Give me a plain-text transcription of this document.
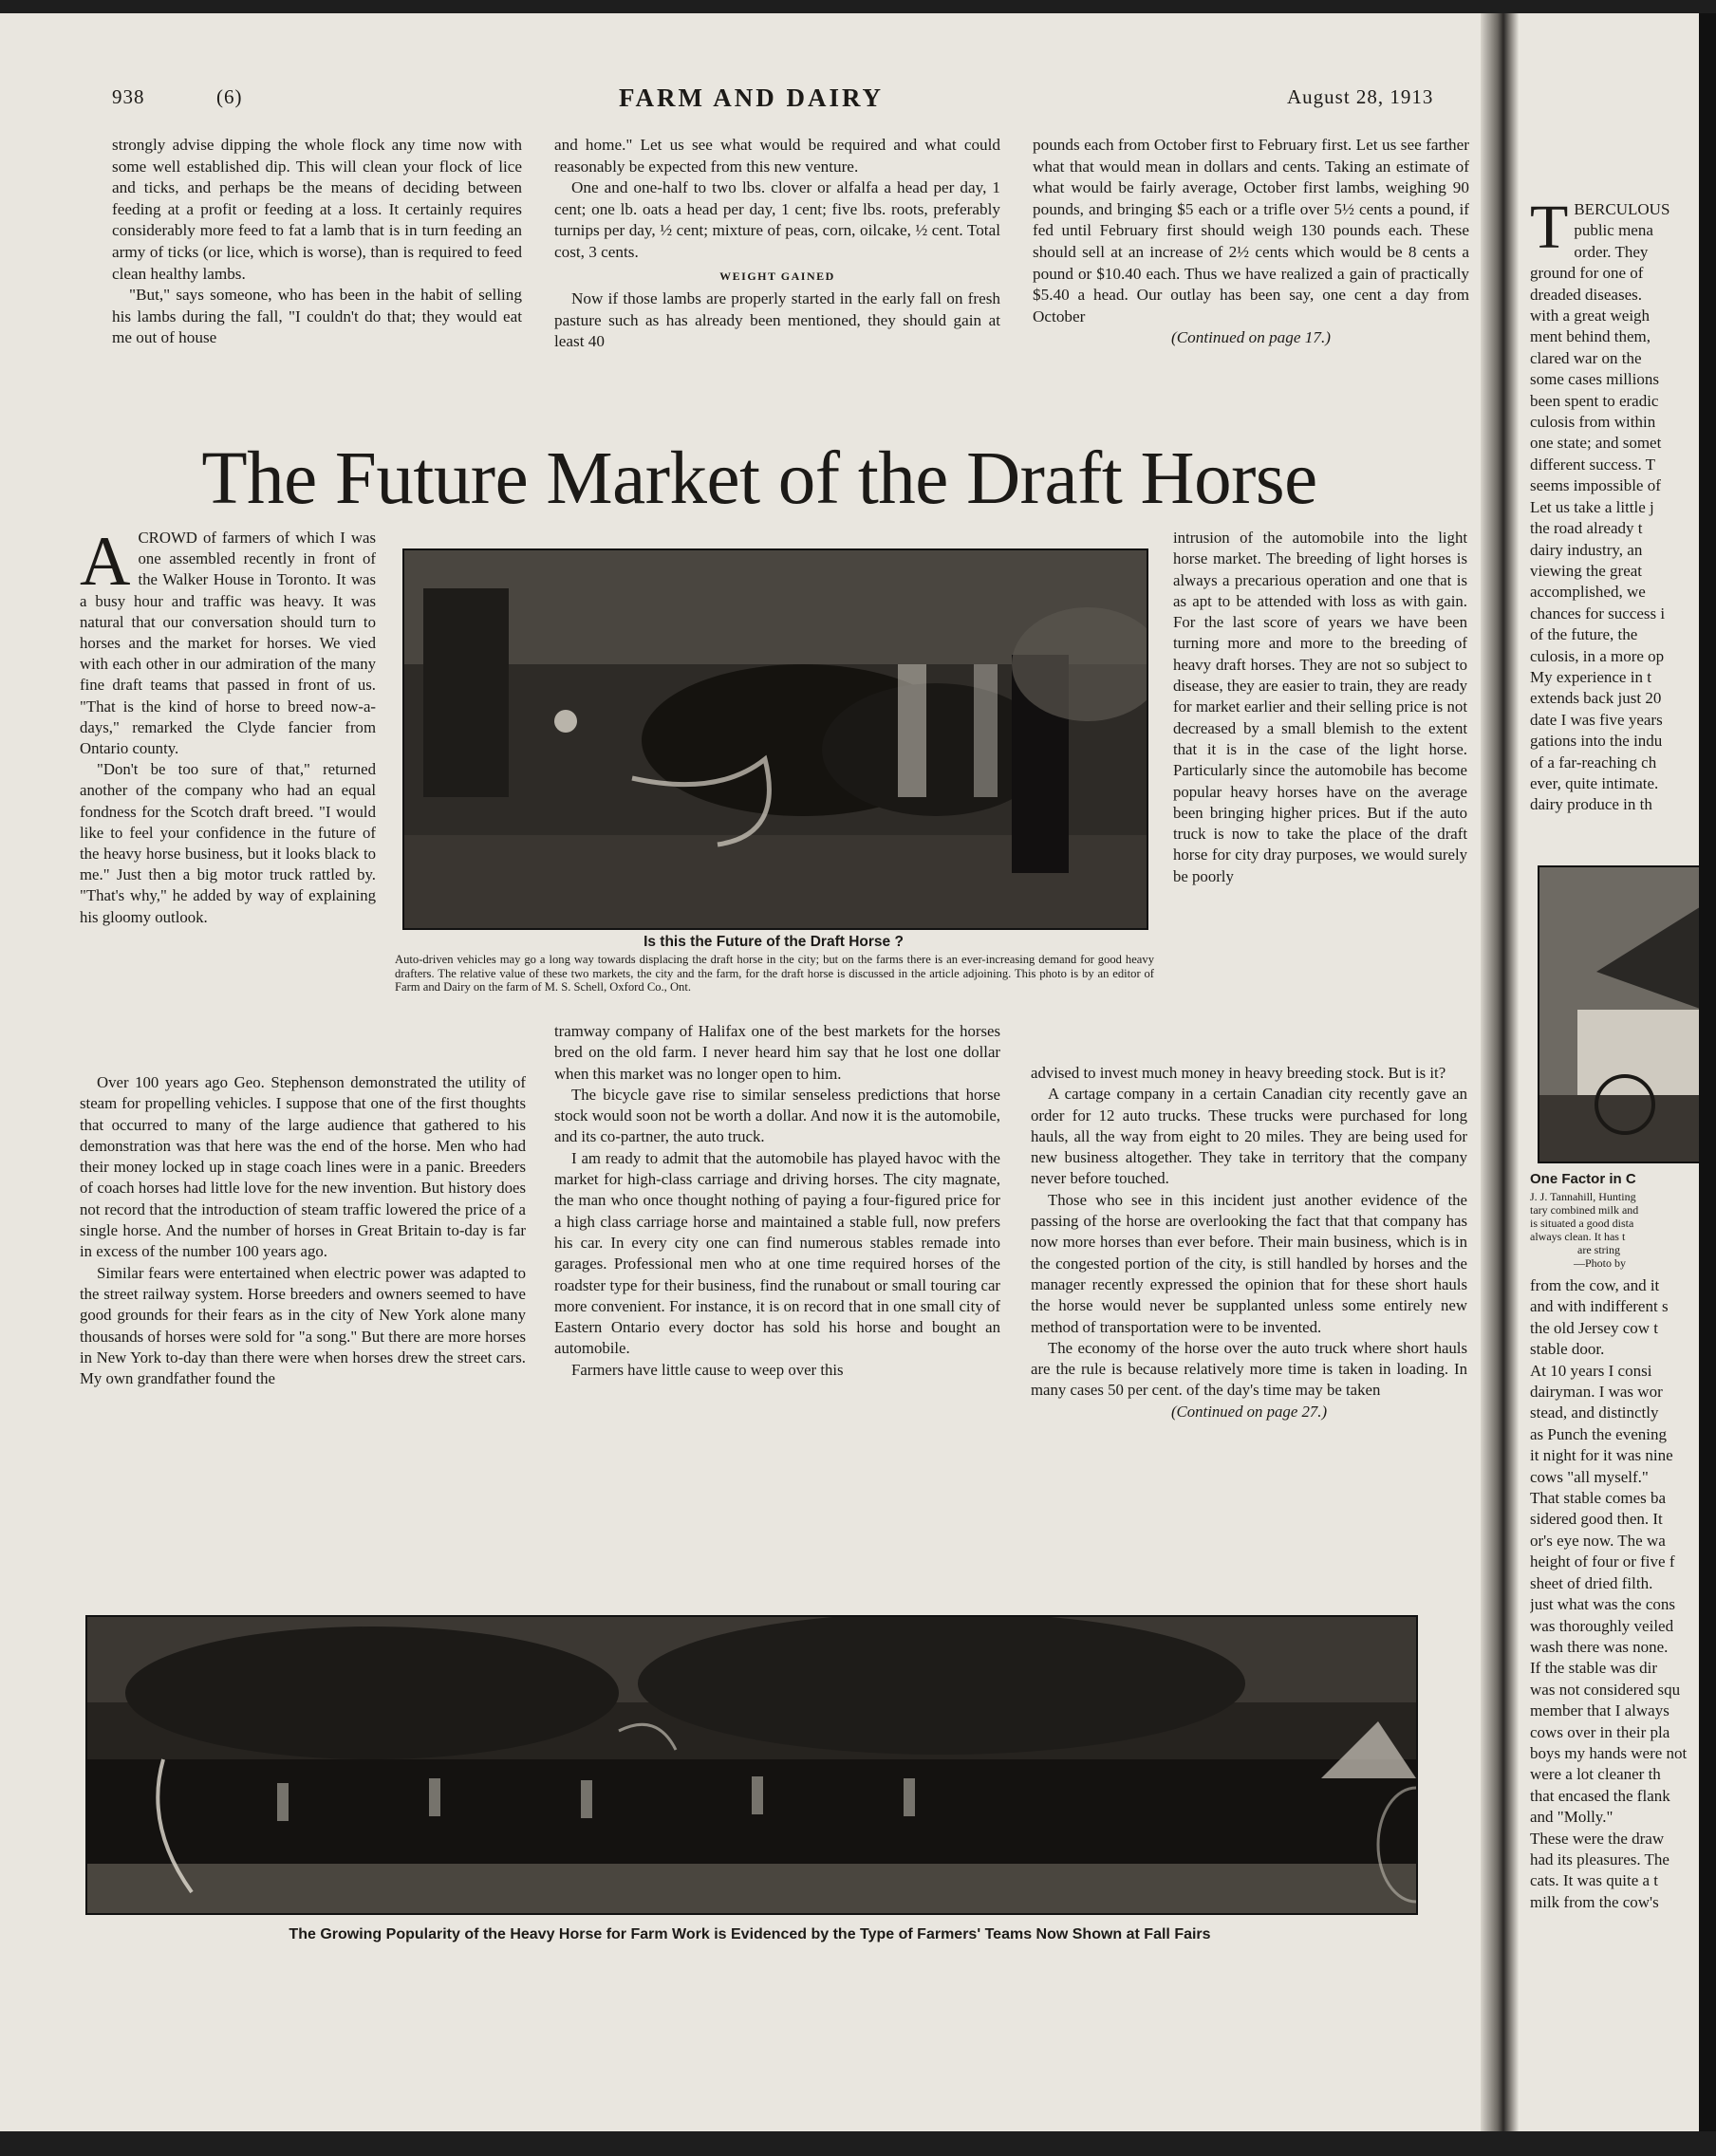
938	(6)	FARM AND DAIRY	August 28, 1913

strongly advise dipping the whole flock any time now with some well established dip. This will clean your flock of lice and ticks, and perhaps be the means of deciding between feeding at a profit or feeding at a loss. It certainly requires considerably more feed to fat a lamb that is in turn feeding an army of ticks (or lice, which is worse), than is required to feed clean healthy lambs.

"But," says someone, who has been in the habit of selling his lambs during the fall, "I couldn't do that; they would eat me out of house

and home." Let us see what would be required and what could reasonably be expected from this new venture.

One and one-half to two lbs. clover or alfalfa a head per day, 1 cent; one lb. oats a head per day, 1 cent; five lbs. roots, preferably turnips per day, ½ cent; mixture of peas, corn, oilcake, ½ cent. Total cost, 3 cents.

WEIGHT GAINED

Now if those lambs are properly started in the early fall on fresh pasture such as has already been mentioned, they should gain at least 40

pounds each from October first to February first. Let us see farther what that would mean in dollars and cents. Taking an estimate of what would be fairly average, October first lambs, weighing 90 pounds, and bringing $5 each or a trifle over 5½ cents a pound, if fed until February first should weigh 130 pounds each. These should sell at an increase of 2½ cents which would be 8 cents a pound or $10.40 each. Thus we have realized a gain of practically $5.40 a head. Our outlay has been say, one cent a day from October

(Continued on page 17.)
The Future Market of the Draft Horse

ACROWD of farmers of which I was one assembled recently in front of the Walker House in Toronto. It was a busy hour and traffic was heavy. It was natural that our conversation should turn to horses and the market for horses. We vied with each other in our admiration of the many fine draft teams that passed in front of us. "That is the kind of horse to breed now-a-days," remarked the Clyde fancier from Ontario county.

"Don't be too sure of that," returned another of the company who had an equal fondness for the Scotch draft breed. "I would like to feel your confidence in the future of the heavy horse business, but it looks black to me." Just then a big motor truck rattled by. "That's why," he added by way of explaining his gloomy outlook.

Is this the Future of the Draft Horse ?
Auto-driven vehicles may go a long way towards displacing the draft horse in the city; but on the farms there is an ever-increasing demand for good heavy drafters. The relative value of these two markets, the city and the farm, for the draft horse is discussed in the article adjoining. This photo is by an editor of Farm and Dairy on the farm of M. S. Schell, Oxford Co., Ont.

Over 100 years ago Geo. Stephenson demonstrated the utility of steam for propelling vehicles. I suppose that one of the first thoughts that occurred to many of the large audience that gathered to his demonstration was that here was the end of the horse. Men who had their money locked up in stage coach lines were in a panic. Breeders of coach horses had little love for the new invention. But history does not record that the introduction of steam traffic lowered the price of a single horse. And the number of horses in Great Britain to-day is far in excess of the number 100 years ago.

Similar fears were entertained when electric power was adapted to the street railway system. Horse breeders and owners seemed to have good grounds for their fears as in the city of New York alone many thousands of horses were sold for "a song." But there are more horses in New York to-day than there were when horses drew the street cars. My own grandfather found the

tramway company of Halifax one of the best markets for the horses bred on the old farm. I never heard him say that he lost one dollar when this market was no longer open to him.

The bicycle gave rise to similar senseless predictions that horse stock would soon not be worth a dollar. And now it is the automobile, and its co-partner, the auto truck.

I am ready to admit that the automobile has played havoc with the market for high-class carriage and driving horses. The city magnate, the man who once thought nothing of paying a four-figured price for a high class carriage horse and maintained a stable full, now prefers his car. In every city one can find numerous stables remade into garages. Professional men who at one time required horses of the roadster type for their business, find the runabout or small touring car more convenient. For instance, it is on record that in one small city of Eastern Ontario every doctor has sold his horse and bought an automobile.

Farmers have little cause to weep over this

intrusion of the automobile into the light horse market. The breeding of light horses is always a precarious operation and one that is as apt to be attended with loss as with gain. For the last score of years we have been turning more and more to the breeding of heavy draft horses. They are not so subject to disease, they are easier to train, they are ready for market earlier and their selling price is not decreased by a small blemish to the extent that it is in the case of the light horse. Particularly since the automobile has become popular heavy horses have on the average been bringing higher prices. But if the auto truck is now to take the place of the draft horse for city dray purposes, we would surely be poorly

advised to invest much money in heavy breeding stock. But is it?

A cartage company in a certain Canadian city recently gave an order for 12 auto trucks. These trucks were purchased for long hauls, all the way from eight to 20 miles. They are being used for new business altogether. They take in territory that the company never before touched.

Those who see in this incident just another evidence of the passing of the horse are overlooking the fact that that company has now more horses than ever before. Their main business, which is in the congested portion of the city, is still handled by horses and the manager recently expressed the opinion that for these short hauls the horse would never be supplanted unless some entirely new method of transportation were to be invented.

The economy of the horse over the auto truck where short hauls are the rule is because relatively more time is taken in loading. In many cases 50 per cent. of the day's time may be taken

(Continued on page 27.)
The Growing Popularity of the Heavy Horse for Farm Work is Evidenced by the Type of Farmers' Teams Now Shown at Fall Fairs
T BERCULOUS
public mena
order. They
ground for one of
dreaded diseases.
with a great weigh
ment behind them,
clared war on the
some cases millions
been spent to eradic
culosis from within
one state; and somet
different success. T
seems impossible of
Let us take a little j
the road already t
dairy industry, an
viewing the great
accomplished, we
chances for success i
of the future, the
culosis, in a more op
My experience in t
extends back just 20
date I was five years
gations into the indu
of a far-reaching ch
ever, quite intimate.
dairy produce in th
One Factor in C
J. J. Tannahill, Hunting
tary combined milk and
is situated a good dista
always clean. It has t
are string
—Photo by
from the cow, and it
and with indifferent s
the old Jersey cow t
stable door.
At 10 years I consi
dairyman. I was wor
stead, and distinctly
as Punch the evening
it night for it was nine
cows "all myself."
That stable comes ba
sidered good then. It
or's eye now. The wa
height of four or five f
sheet of dried filth.
just what was the cons
was thoroughly veiled
wash there was none.
If the stable was dir
was not considered squ
member that I always
cows over in their pla
boys my hands were not
were a lot cleaner th
that encased the flank
and "Molly."
These were the draw
had its pleasures. The
cats. It was quite a t
milk from the cow's
